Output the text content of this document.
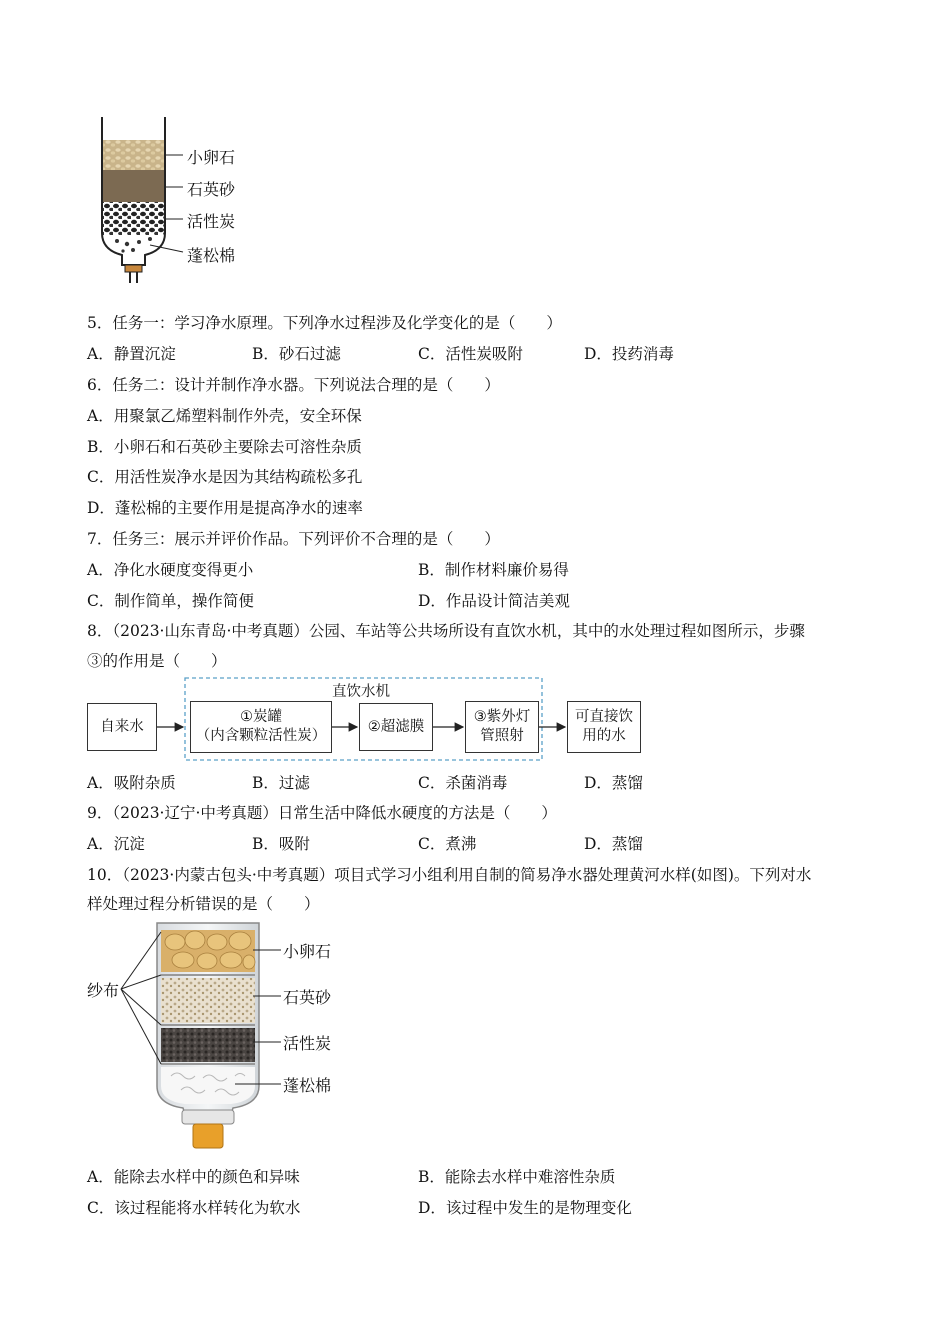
小卵石
石英砂
活性炭
蓬松棉
5．任务一：学习净水原理。下列净水过程涉及化学变化的是（　　）
A．静置沉淀	B．砂石过滤	C．活性炭吸附	D．投药消毒
6．任务二：设计并制作净水器。下列说法合理的是（　　）
A．用聚氯乙烯塑料制作外壳，安全环保
B．小卵石和石英砂主要除去可溶性杂质
C．用活性炭净水是因为其结构疏松多孔
D．蓬松棉的主要作用是提高净水的速率
7．任务三：展示并评价作品。下列评价不合理的是（　　）
A．净化水硬度变得更小	B．制作材料廉价易得
C．制作简单，操作简便	D．作品设计简洁美观
8．（2023·山东青岛·中考真题）公园、车站等公共场所设有直饮水机，其中的水处理过程如图所示，步骤
③的作用是（　　）
直饮水机
自来水
①炭罐
（内含颗粒活性炭）
②超滤膜
③紫外灯
管照射
可直接饮
用的水
A．吸附杂质	B．过滤	C．杀菌消毒	D．蒸馏
9．（2023·辽宁·中考真题）日常生活中降低水硬度的方法是（　　）
A．沉淀	B．吸附	C．煮沸	D．蒸馏
10．（2023·内蒙古包头·中考真题）项目式学习小组利用自制的简易净水器处理黄河水样(如图)。下列对水
样处理过程分析错误的是（　　）
纱布
小卵石
石英砂
活性炭
蓬松棉
A．能除去水样中的颜色和异味	B．能除去水样中难溶性杂质
C．该过程能将水样转化为软水	D．该过程中发生的是物理变化
